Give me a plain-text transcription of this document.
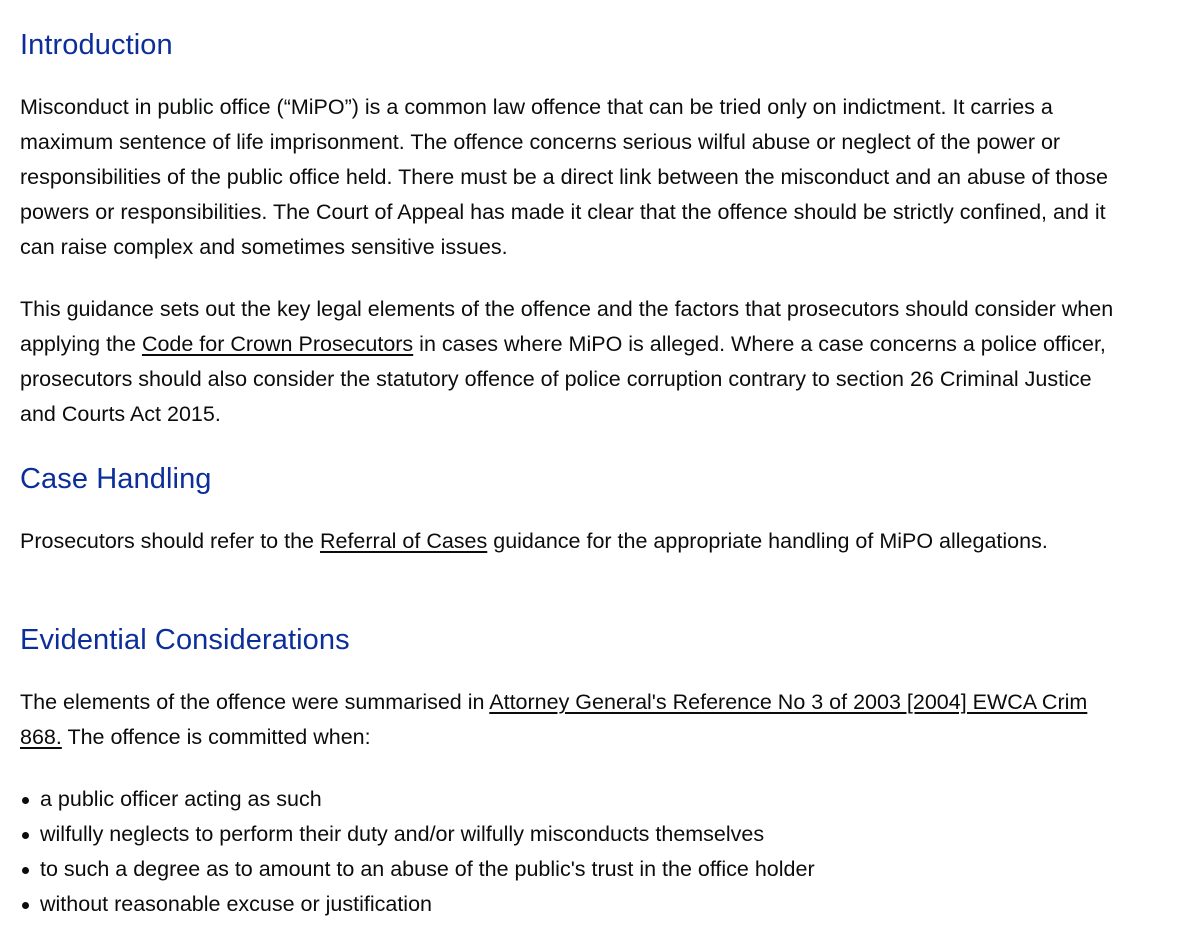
Introduction

Misconduct in public office (“MiPO”) is a common law offence that can be tried only on indictment. It carries a maximum sentence of life imprisonment. The offence concerns serious wilful abuse or neglect of the power or responsibilities of the public office held. There must be a direct link between the misconduct and an abuse of those powers or responsibilities. The Court of Appeal has made it clear that the offence should be strictly confined, and it can raise complex and sometimes sensitive issues.

This guidance sets out the key legal elements of the offence and the factors that prosecutors should consider when applying the Code for Crown Prosecutors in cases where MiPO is alleged. Where a case concerns a police officer, prosecutors should also consider the statutory offence of police corruption contrary to section 26 Criminal Justice and Courts Act 2015.

Case Handling

Prosecutors should refer to the Referral of Cases guidance for the appropriate handling of MiPO allegations.

Evidential Considerations

The elements of the offence were summarised in Attorney General's Reference No 3 of 2003 [2004] EWCA Crim 868. The offence is committed when:

a public officer acting as such
wilfully neglects to perform their duty and/or wilfully misconducts themselves
to such a degree as to amount to an abuse of the public's trust in the office holder
without reasonable excuse or justification
